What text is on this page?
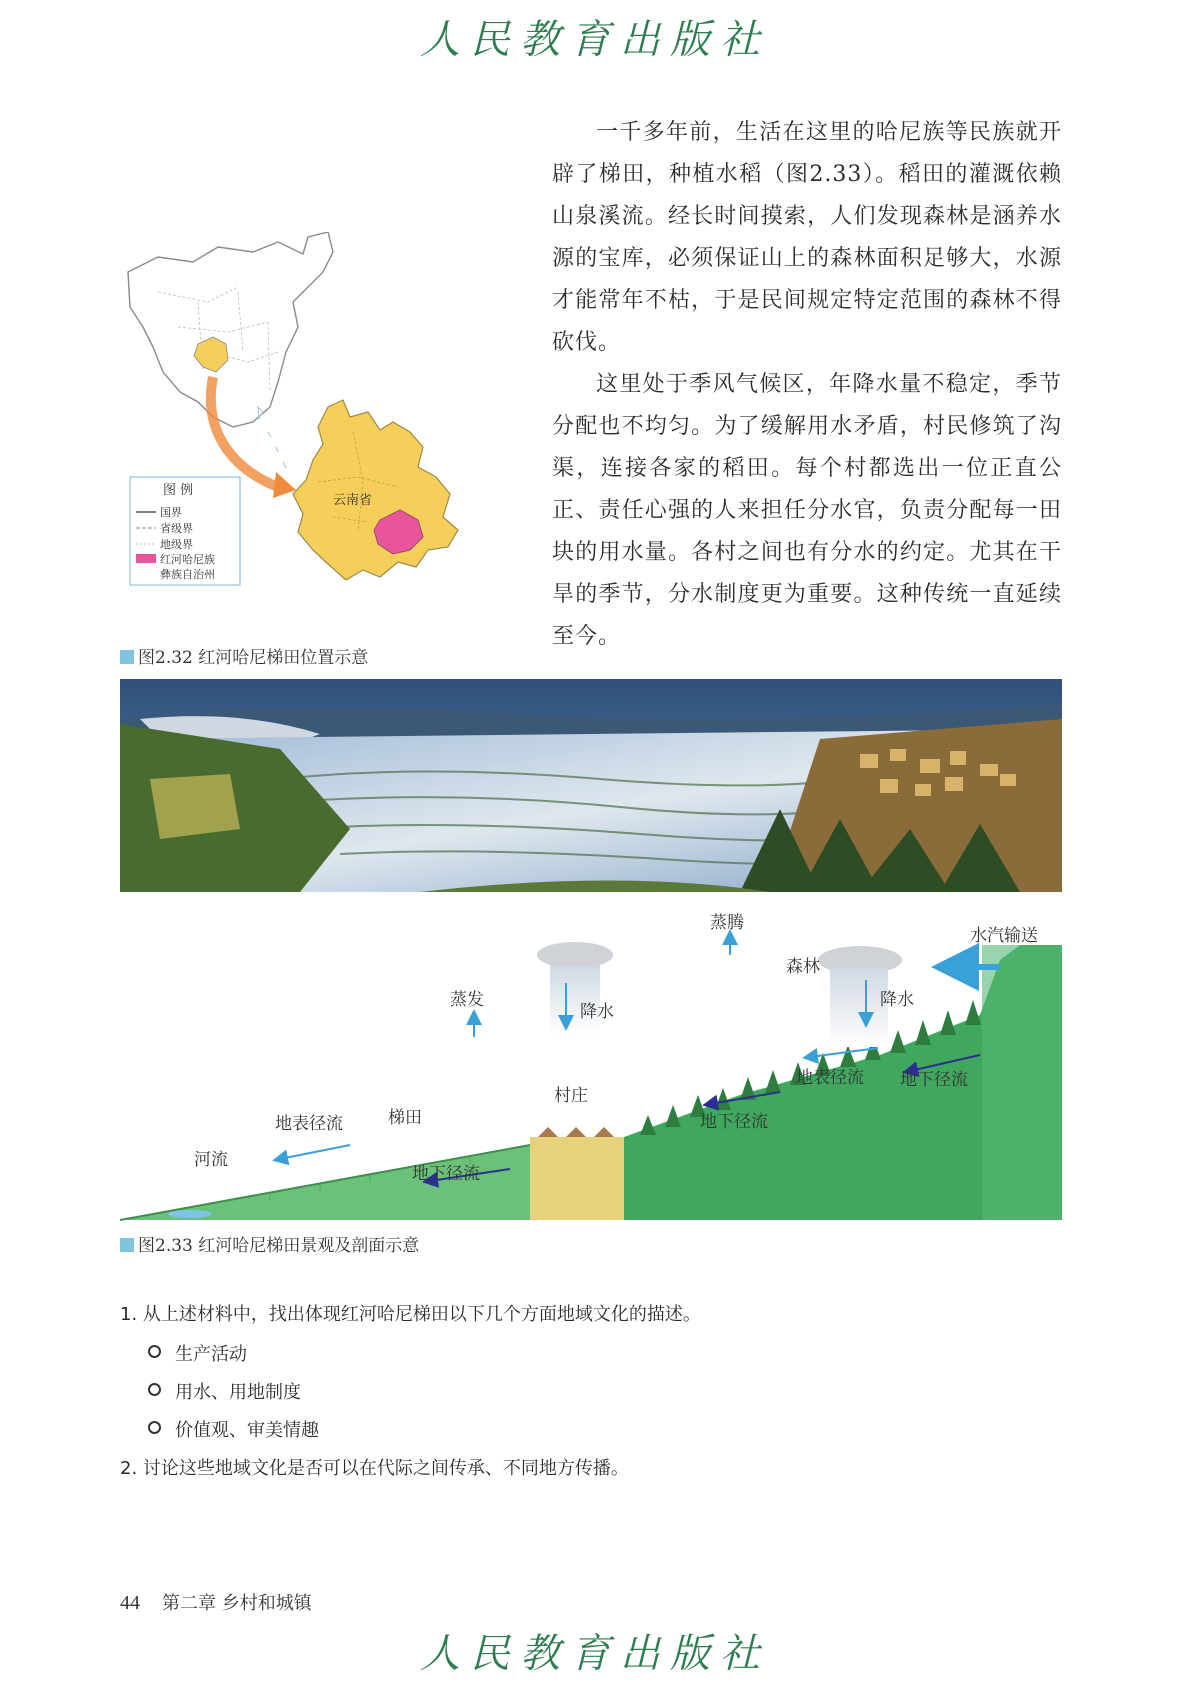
人民教育出版社

一千多年前，生活在这里的哈尼族等民族就开辟了梯田，种植水稻（图2.33）。稻田的灌溉依赖山泉溪流。经长时间摸索，人们发现森林是涵养水源的宝库，必须保证山上的森林面积足够大，水源才能常年不枯，于是民间规定特定范围的森林不得砍伐。

这里处于季风气候区，年降水量不稳定，季节分配也不均匀。为了缓解用水矛盾，村民修筑了沟渠，连接各家的稻田。每个村都选出一位正直公正、责任心强的人来担任分水官，负责分配每一田块的用水量。各村之间也有分水的约定。尤其在干旱的季节，分水制度更为重要。这种传统一直延续至今。

云南省
图 例
国界
省级界
地级界
红河哈尼族
彝族自治州
图2.32 红河哈尼梯田位置示意
水汽输送
降水
蒸腾
森林
地表径流 地下径流
地下径流
降水
村庄
蒸发
梯田
地表径流
地下径流
河流
图2.33 红河哈尼梯田景观及剖面示意
1. 从上述材料中，找出体现红河哈尼梯田以下几个方面地域文化的描述。
生产活动
用水、用地制度
价值观、审美情趣
2. 讨论这些地域文化是否可以在代际之间传承、不同地方传播。
44 第二章 乡村和城镇
人民教育出版社
